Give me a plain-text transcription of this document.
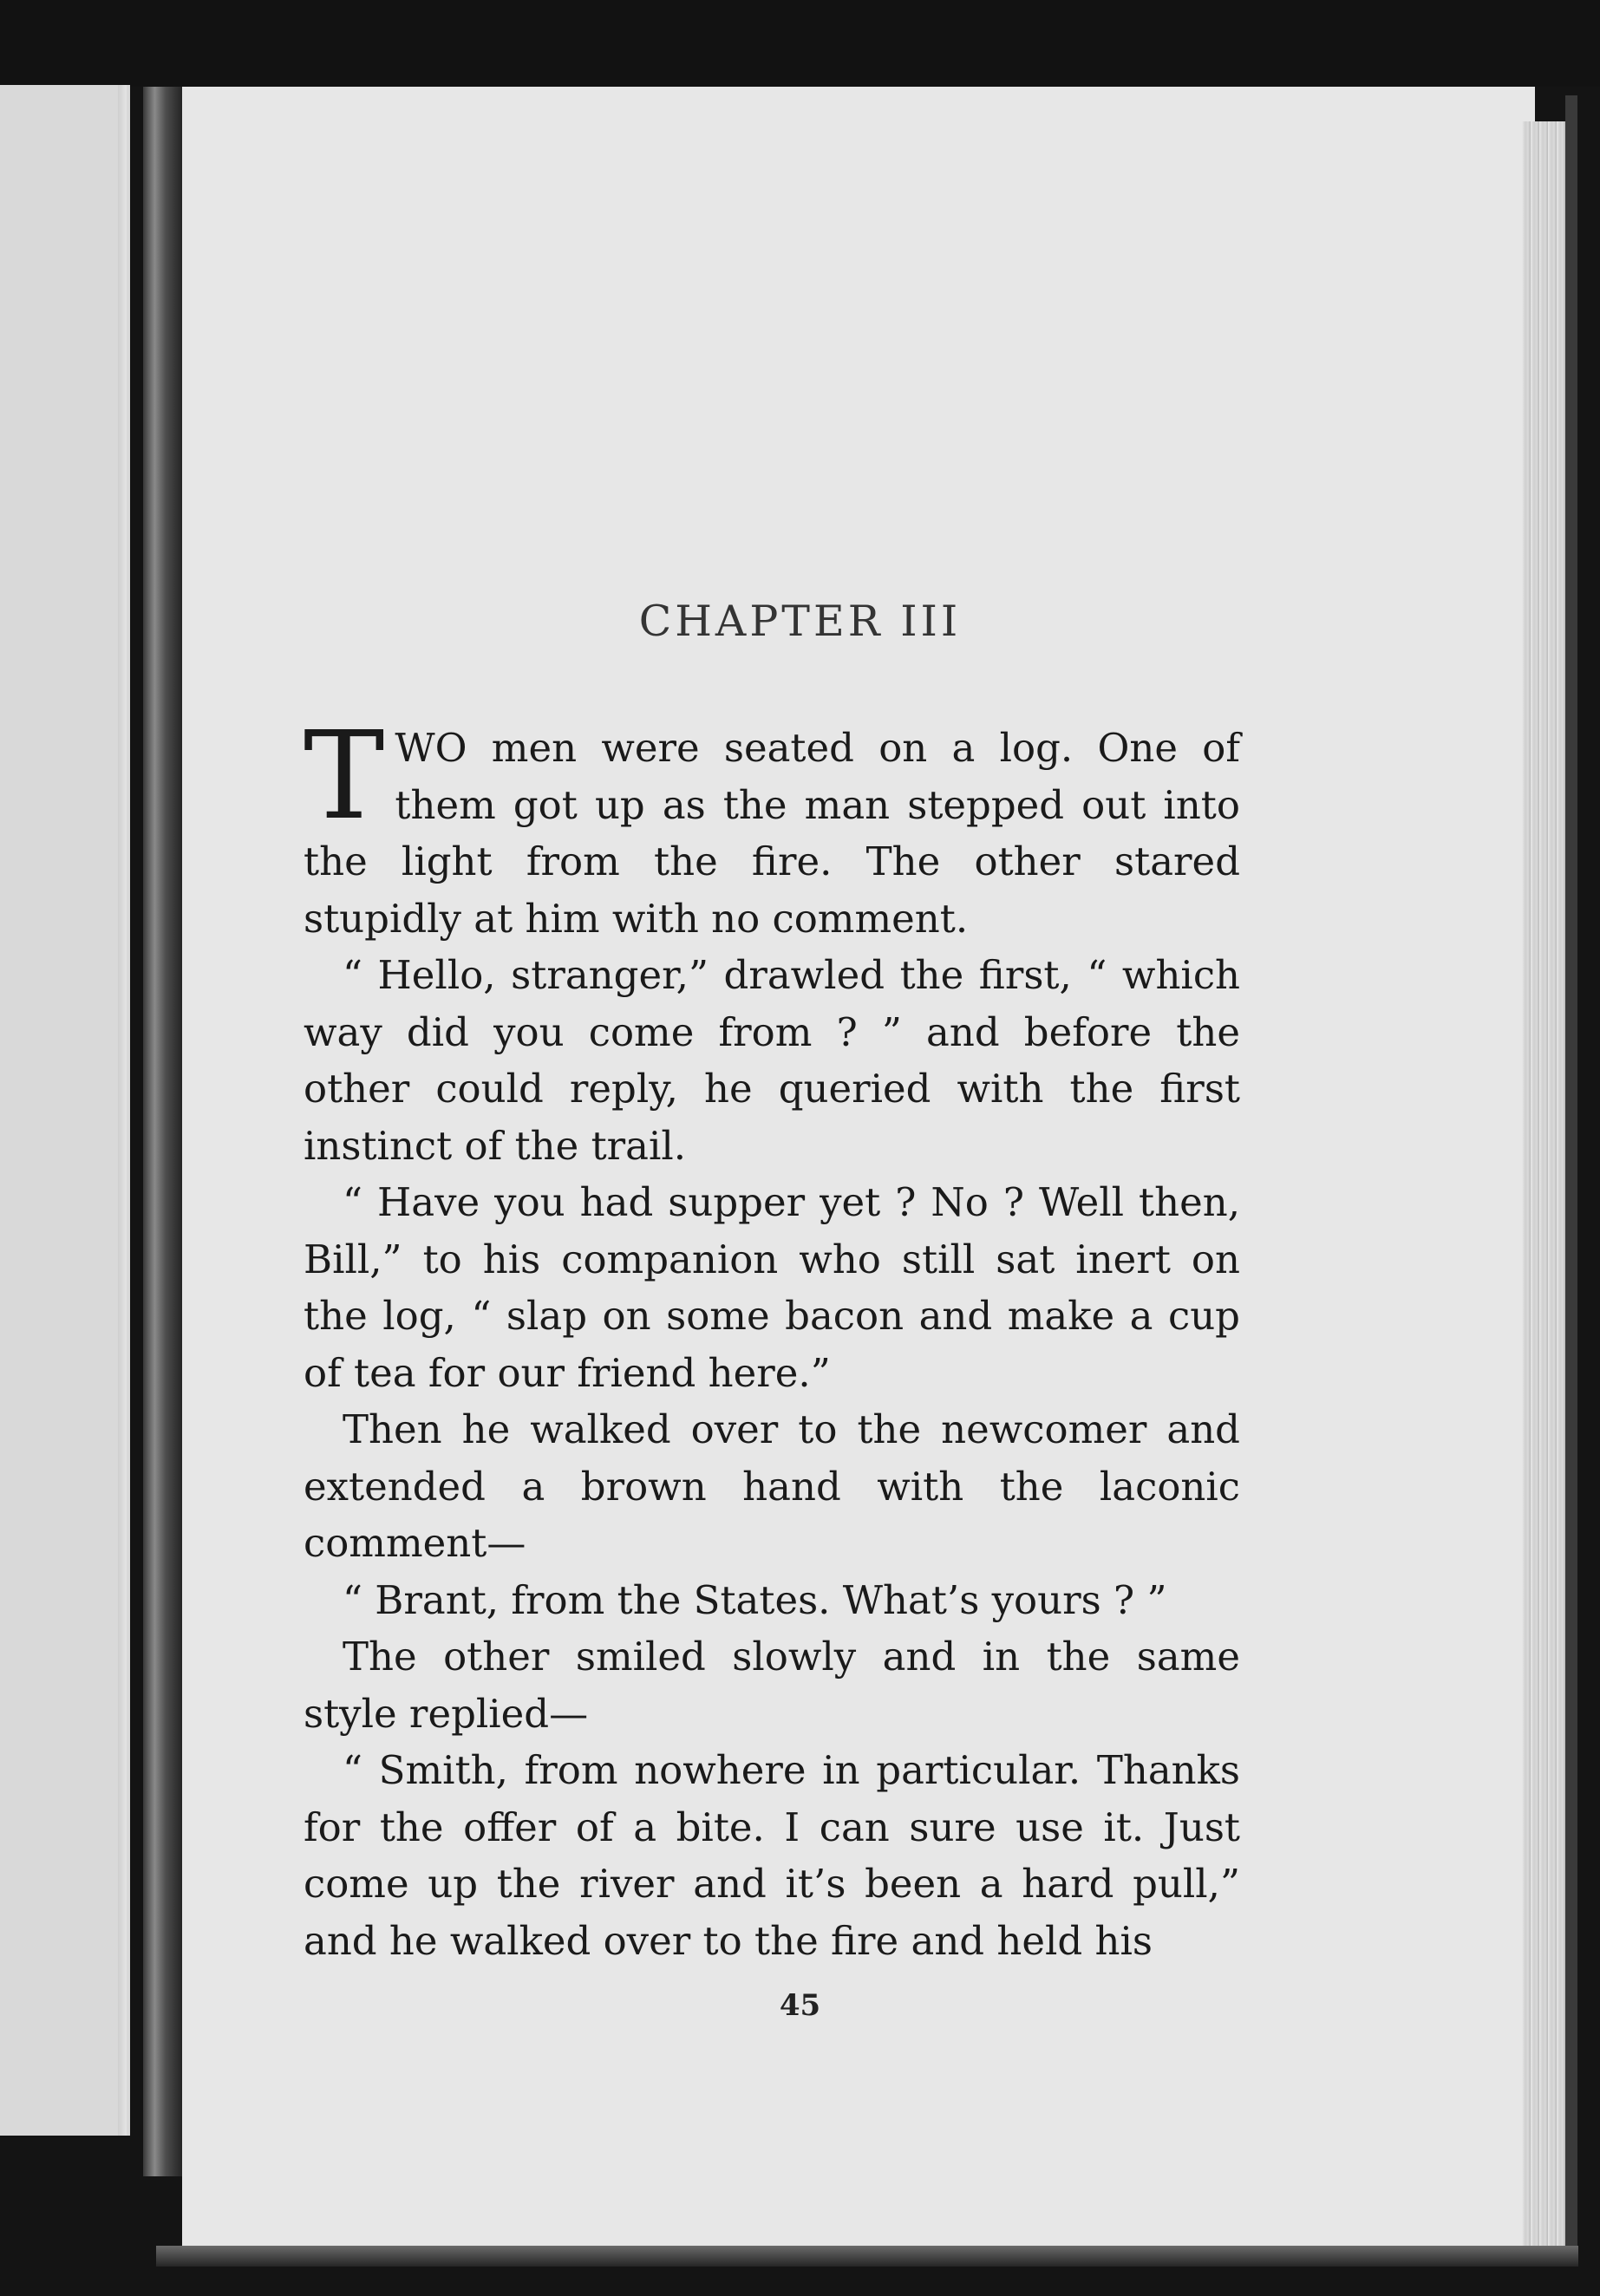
CHAPTER III

TWO men were seated on a log. One of them got up as the man stepped out into the light from the fire. The other stared stupidly at him with no comment.

“ Hello, stranger,” drawled the first, “ which way did you come from ? ” and before the other could reply, he queried with the first instinct of the trail.

“ Have you had supper yet ? No ? Well then, Bill,” to his companion who still sat inert on the log, “ slap on some bacon and make a cup of tea for our friend here.”

Then he walked over to the newcomer and extended a brown hand with the laconic comment—

“ Brant, from the States. What’s yours ? ”

The other smiled slowly and in the same style replied—

“ Smith, from nowhere in particular. Thanks for the offer of a bite. I can sure use it. Just come up the river and it’s been a hard pull,” and he walked over to the fire and held his

45
